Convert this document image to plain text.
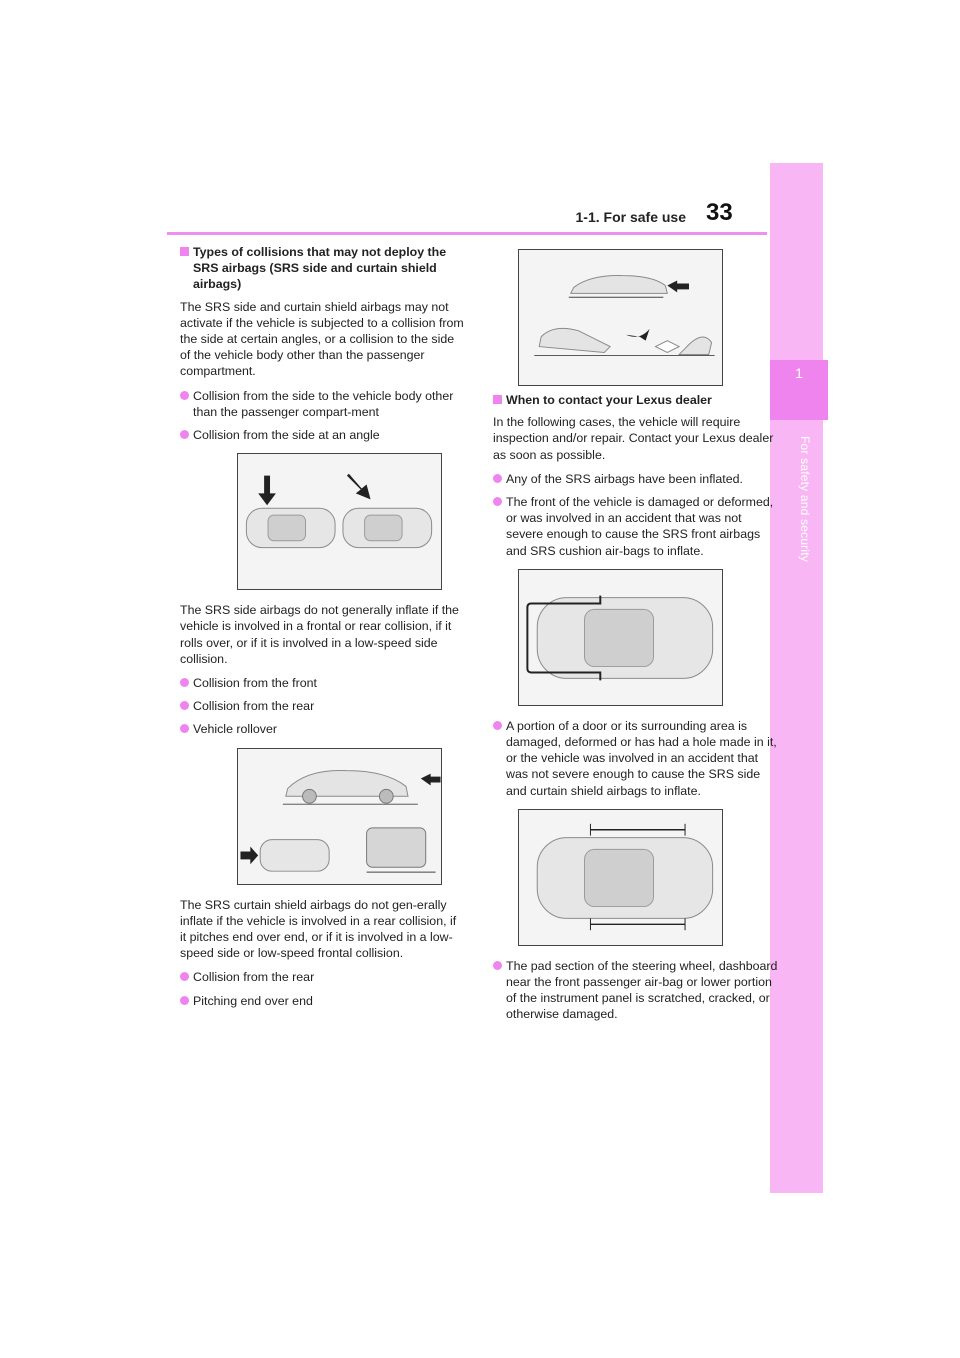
1-1. For safe use 33
1
For safety and security
Types of collisions that may not deploy the SRS airbags (SRS side and curtain shield airbags)

The SRS side and curtain shield airbags may not activate if the vehicle is subjected to a collision from the side at certain angles, or a collision to the side of the vehicle body other than the passenger compartment.

Collision from the side to the vehicle body other than the passenger compart-ment
Collision from the side at an angle

The SRS side airbags do not generally inflate if the vehicle is involved in a frontal or rear collision, if it rolls over, or if it is involved in a low-speed side collision.

Collision from the front
Collision from the rear
Vehicle rollover

The SRS curtain shield airbags do not gen-erally inflate if the vehicle is involved in a rear collision, if it pitches end over end, or if it is involved in a low-speed side or low-speed frontal collision.

Collision from the rear
Pitching end over end
When to contact your Lexus dealer

In the following cases, the vehicle will require inspection and/or repair. Contact your Lexus dealer as soon as possible.

Any of the SRS airbags have been inflated.
The front of the vehicle is damaged or deformed, or was involved in an accident that was not severe enough to cause the SRS front airbags and SRS cushion air-bags to inflate.
A portion of a door or its surrounding area is damaged, deformed or has had a hole made in it, or the vehicle was involved in an accident that was not severe enough to cause the SRS side and curtain shield airbags to inflate.
The pad section of the steering wheel, dashboard near the front passenger air-bag or lower portion of the instrument panel is scratched, cracked, or otherwise damaged.
